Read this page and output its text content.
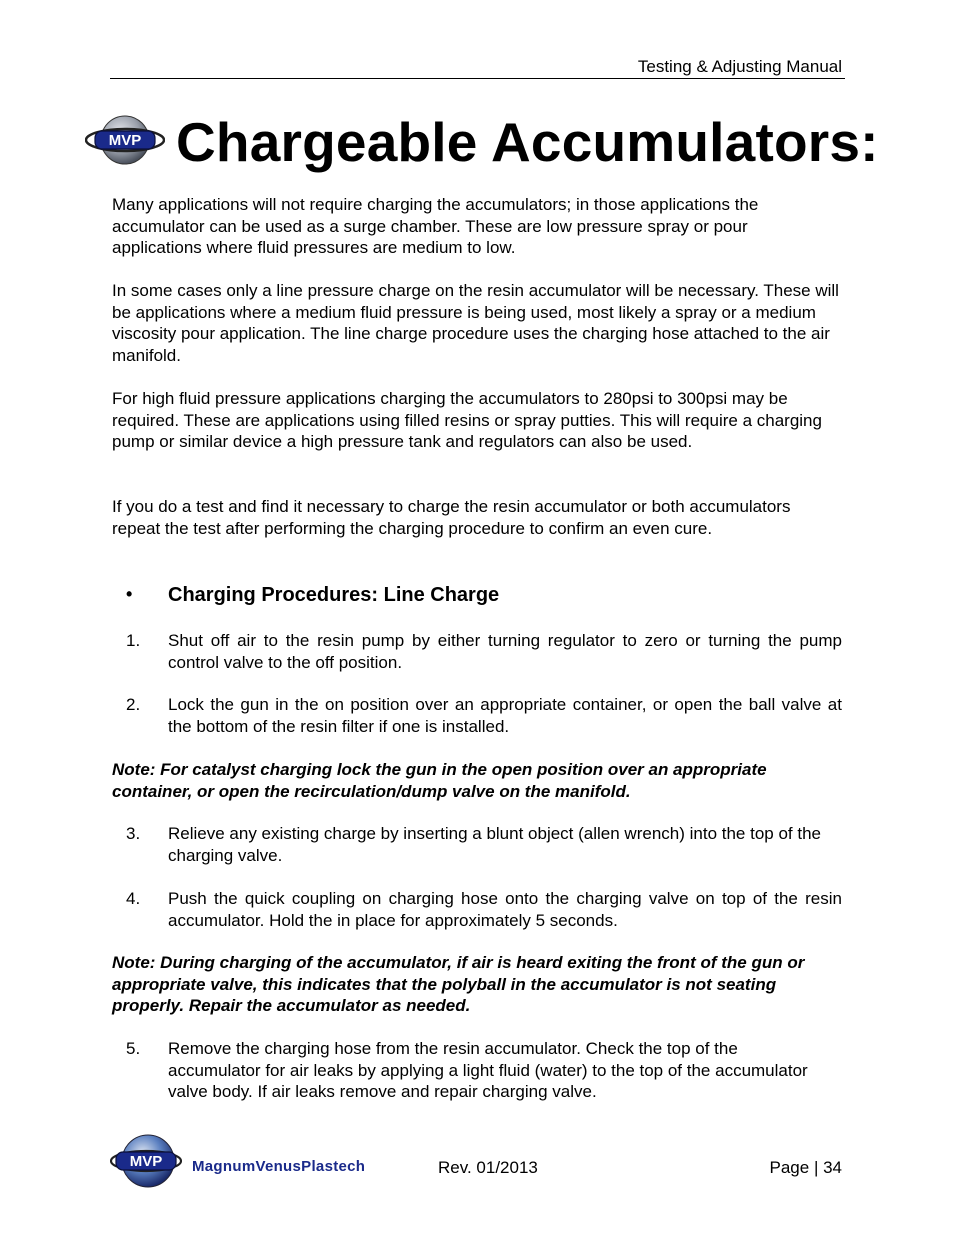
Testing & Adjusting Manual
MVP Chargeable Accumulators:
Many applications will not require charging the accumulators; in those applications the accumulator can be used as a surge chamber. These are low pressure spray or pour applications where fluid pressures are medium to low.
In some cases only a line pressure charge on the resin accumulator will be necessary. These will be applications where a medium fluid pressure is being used, most likely a spray or a medium viscosity pour application. The line charge procedure uses the charging hose attached to the air manifold.
For high fluid pressure applications charging the accumulators to 280psi to 300psi may be required. These are applications using filled resins or spray putties. This will require a charging pump or similar device a high pressure tank and regulators can also be used.
If you do a test and find it necessary to charge the resin accumulator or both accumulators repeat the test after performing the charging procedure to confirm an even cure.
• Charging Procedures: Line Charge
1. Shut off air to the resin pump by either turning regulator to zero or turning the pump control valve to the off position.
2. Lock the gun in the on position over an appropriate container, or open the ball valve at the bottom of the resin filter if one is installed.
Note: For catalyst charging lock the gun in the open position over an appropriate container, or open the recirculation/dump valve on the manifold.
3. Relieve any existing charge by inserting a blunt object (allen wrench) into the top of the charging valve.
4. Push the quick coupling on charging hose onto the charging valve on top of the resin accumulator. Hold the in place for approximately 5 seconds.
Note: During charging of the accumulator, if air is heard exiting the front of the gun or appropriate valve, this indicates that the polyball in the accumulator is not seating properly. Repair the accumulator as needed.
5. Remove the charging hose from the resin accumulator. Check the top of the accumulator for air leaks by applying a light fluid (water) to the top of the accumulator valve body. If air leaks remove and repair charging valve.
MVP MagnumVenusPlastech	Rev. 01/2013	Page | 34
